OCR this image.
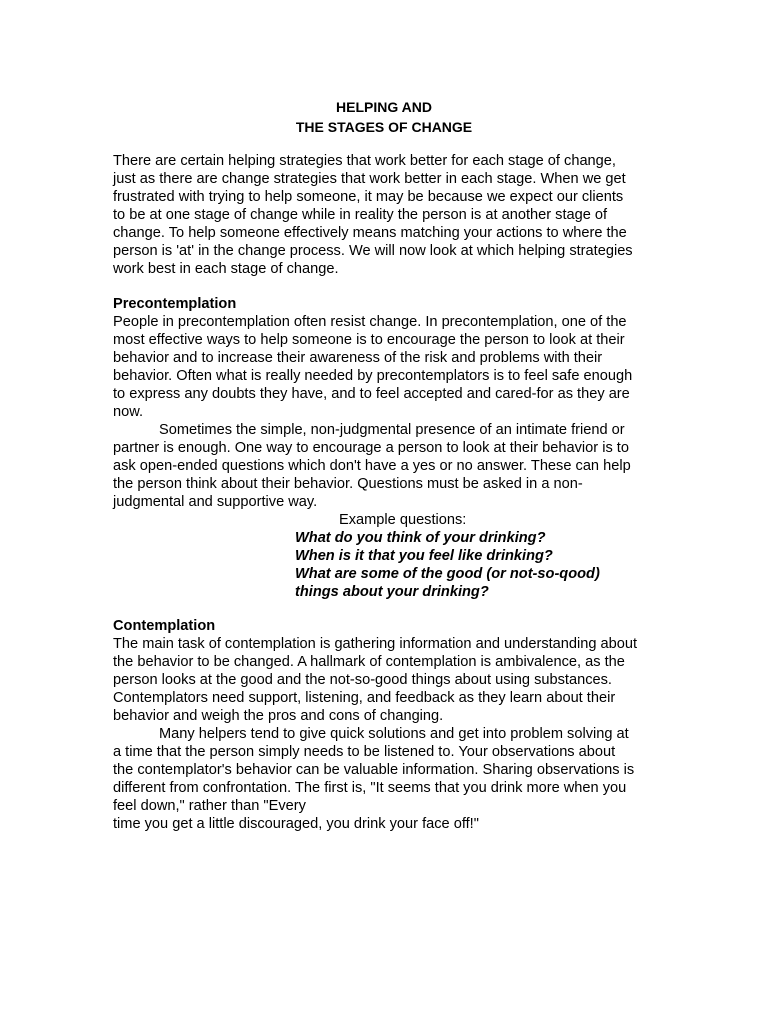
HELPING AND
THE STAGES OF CHANGE
There are certain helping strategies that work better for each stage of change,
just as there are change strategies that work better in each stage. When we get
frustrated with trying to help someone, it may be because we expect our clients
to be at one stage of change while in reality the person is at another stage of
change. To help someone effectively means matching your actions to where the
person is 'at' in the change process. We will now look at which helping strategies
work best in each stage of change.
Precontemplation
People in precontemplation often resist change. In precontemplation, one of the
most effective ways to help someone is to encourage the person to look at their
behavior and to increase their awareness of the risk and problems with their
behavior. Often what is really needed by precontemplators is to feel safe enough
to express any doubts they have, and to feel accepted and cared-for as they are
now.
Sometimes the simple, non-judgmental presence of an intimate friend or
partner is enough. One way to encourage a person to look at their behavior is to
ask open-ended questions which don't have a yes or no answer. These can help
the person think about their behavior. Questions must be asked in a non-
judgmental and supportive way.
Example questions:
What do you think of your drinking?
When is it that you feel like drinking?
What are some of the good (or not-so-qood)
things about your drinking?
Contemplation
The main task of contemplation is gathering information and understanding about
the behavior to be changed. A hallmark of contemplation is ambivalence, as the
person looks at the good and the not-so-good things about using substances.
Contemplators need support, listening, and feedback as they learn about their
behavior and weigh the pros and cons of changing.
Many helpers tend to give quick solutions and get into problem solving at
a time that the person simply needs to be listened to. Your observations about
the contemplator's behavior can be valuable information. Sharing observations is
different from confrontation. The first is, "It seems that you drink more when you
feel down," rather than "Every
time you get a little discouraged, you drink your face off!"
